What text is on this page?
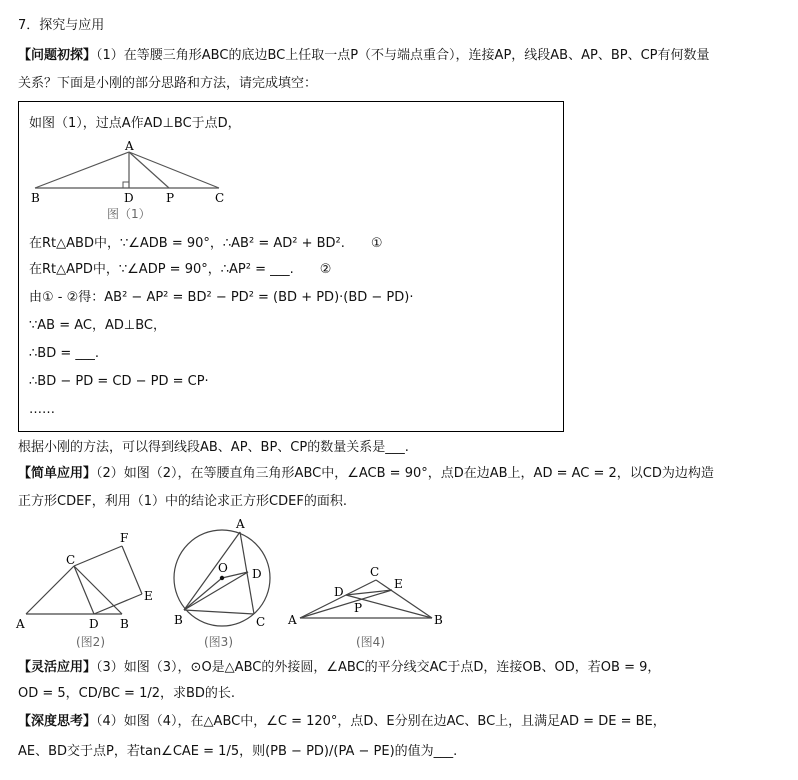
7．探究与应用
【问题初探】（1）在等腰三角形ABC的底边BC上任取一点P（不与端点重合），连接AP，线段AB、AP、BP、CP有何数量
关系？下面是小刚的部分思路和方法，请完成填空：
如图（1），过点A作AD⊥BC于点D，
A
B	D	P	C
图（1）
在Rt△ABD中，∵∠ADB = 90°，∴AB² = AD² + BD².　　①
在Rt△APD中，∵∠ADP = 90°，∴AP² = ___.　　②
由① - ②得：AB² − AP² = BD² − PD² = (BD + PD)·(BD − PD)·
∵AB = AC，AD⊥BC，
∴BD = ___.
∴BD − PD = CD − PD = CP·
……
根据小刚的方法，可以得到线段AB、AP、BP、CP的数量关系是___.
【简单应用】（2）如图（2），在等腰直角三角形ABC中，∠ACB = 90°，点D在边AB上，AD = AC = 2，以CD为边构造
正方形CDEF，利用（1）中的结论求正方形CDEF的面积.
A	B
C
D
E
F
(图2)
A
B	C
D
O
(图3)
A	B
C
D
E
P
(图4)
【灵活应用】（3）如图（3），⊙O是△ABC的外接圆，∠ABC的平分线交AC于点D，连接OB、OD，若OB = 9，
OD = 5，CD/BC = 1/2，求BD的长.
【深度思考】（4）如图（4），在△ABC中，∠C = 120°，点D、E分别在边AC、BC上，且满足AD = DE = BE，
AE、BD交于点P，若tan∠CAE = 1/5，则(PB − PD)/(PA − PE)的值为___.
